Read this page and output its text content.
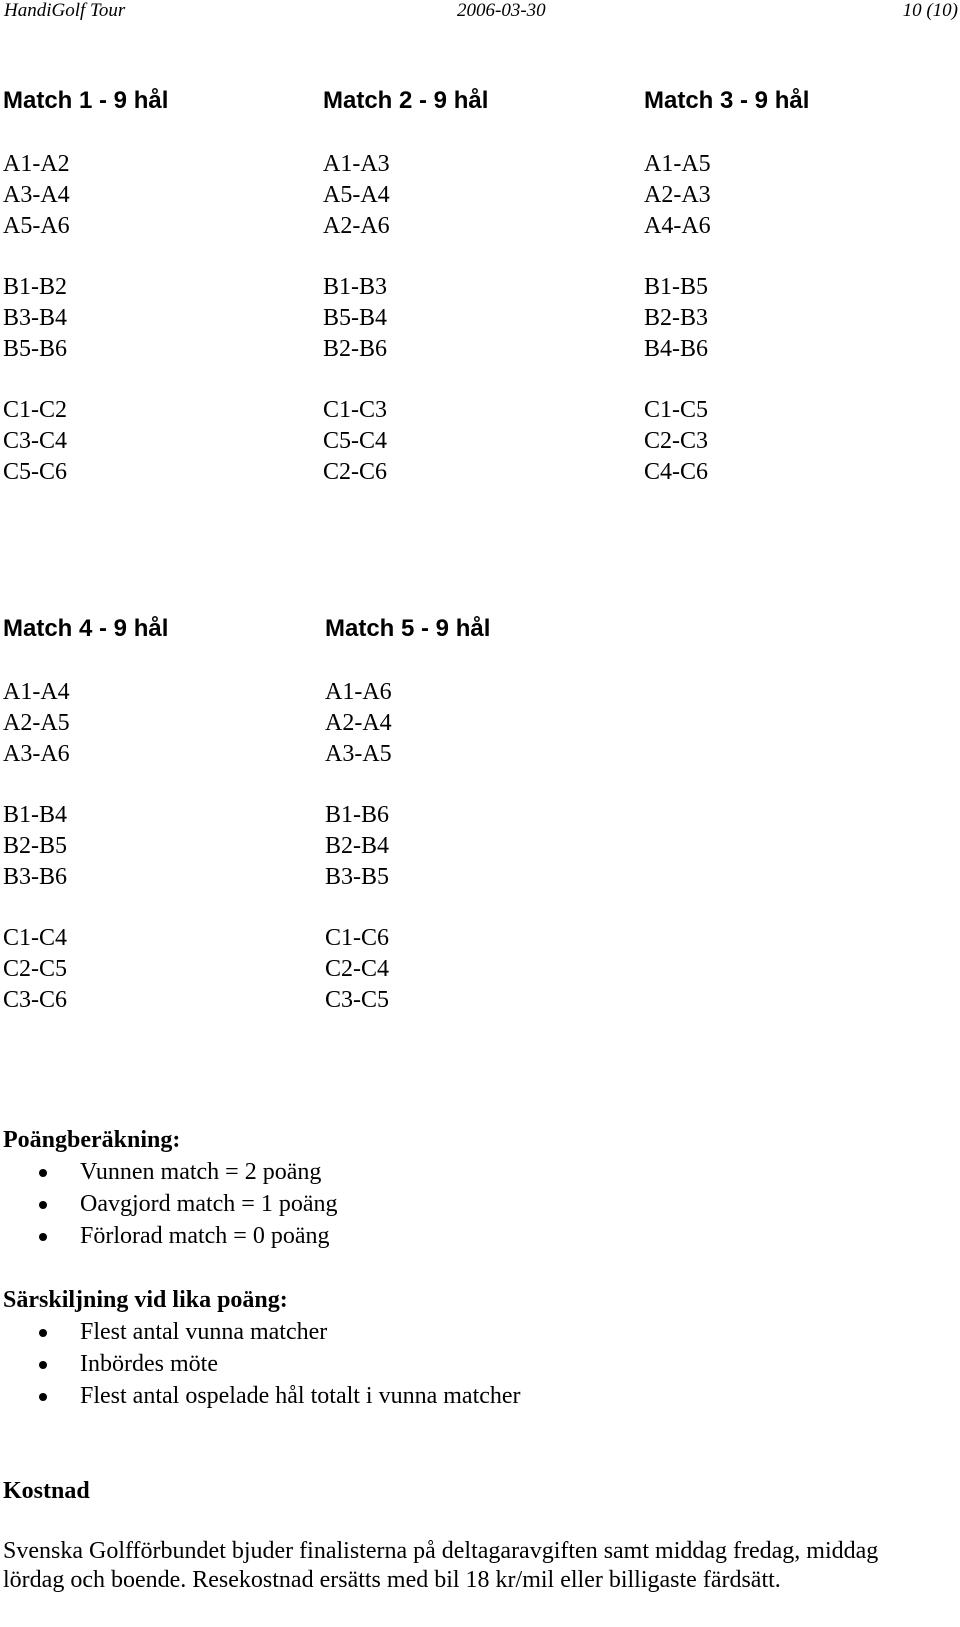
HandiGolf Tour	2006-03-30	10 (10)
Match 1 - 9 hål
A1-A2
A3-A4
A5-A6
B1-B2
B3-B4
B5-B6
C1-C2
C3-C4
C5-C6
Match 2 - 9 hål
A1-A3
A5-A4
A2-A6
B1-B3
B5-B4
B2-B6
C1-C3
C5-C4
C2-C6
Match 3 - 9 hål
A1-A5
A2-A3
A4-A6
B1-B5
B2-B3
B4-B6
C1-C5
C2-C3
C4-C6
Match 4 - 9 hål
A1-A4
A2-A5
A3-A6
B1-B4
B2-B5
B3-B6
C1-C4
C2-C5
C3-C6
Match 5 - 9 hål
A1-A6
A2-A4
A3-A5
B1-B6
B2-B4
B3-B5
C1-C6
C2-C4
C3-C5
Poängberäkning:
Vunnen match = 2 poäng
Oavgjord match = 1 poäng
Förlorad match = 0 poäng
Särskiljning vid lika poäng:
Flest antal vunna matcher
Inbördes möte
Flest antal ospelade hål totalt i vunna matcher
Kostnad

Svenska Golfförbundet bjuder finalisterna på deltagaravgiften samt middag fredag, middag lördag och boende. Resekostnad ersätts med bil 18 kr/mil eller billigaste färdsätt.
